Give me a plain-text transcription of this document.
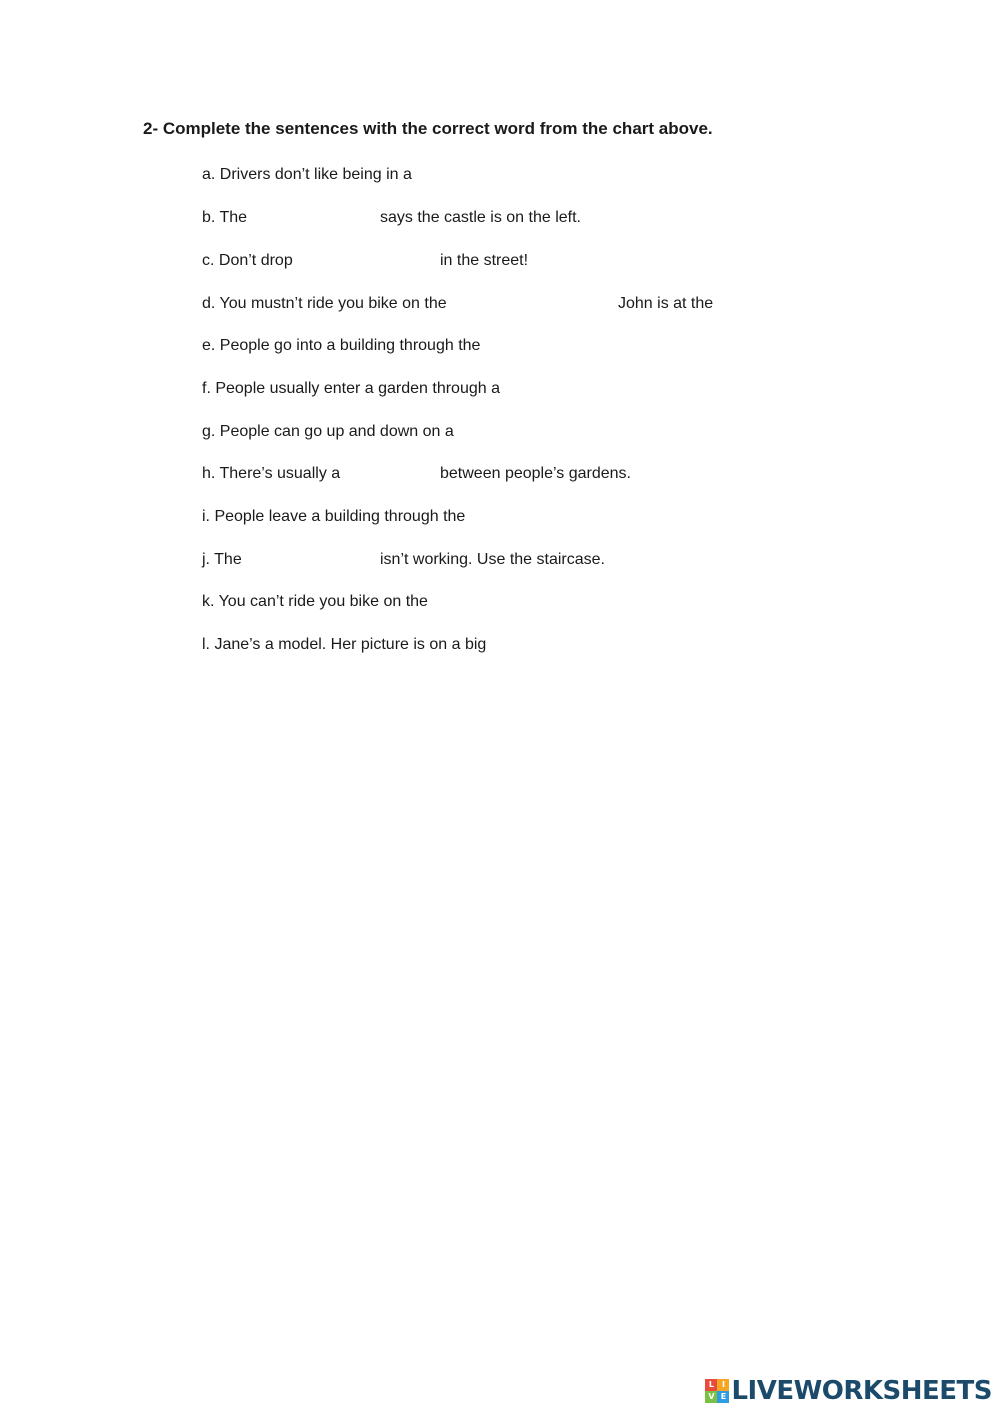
2- Complete the sentences with the correct word from the chart above.
a. Drivers don’t like being in a
b. The	says the castle is on the left.
c. Don’t drop	in the street!
d. You mustn’t ride you bike on the	John is at the
e. People go into a building through the
f. People usually enter a garden through a
g. People can go up and down on a
h. There’s usually a	between people’s gardens.
i. People leave a building through the
j. The	isn’t working. Use the staircase.
k. You can’t ride you bike on the
l. Jane’s a model. Her picture is on a big
L I
V E LIVEWORKSHEETS
